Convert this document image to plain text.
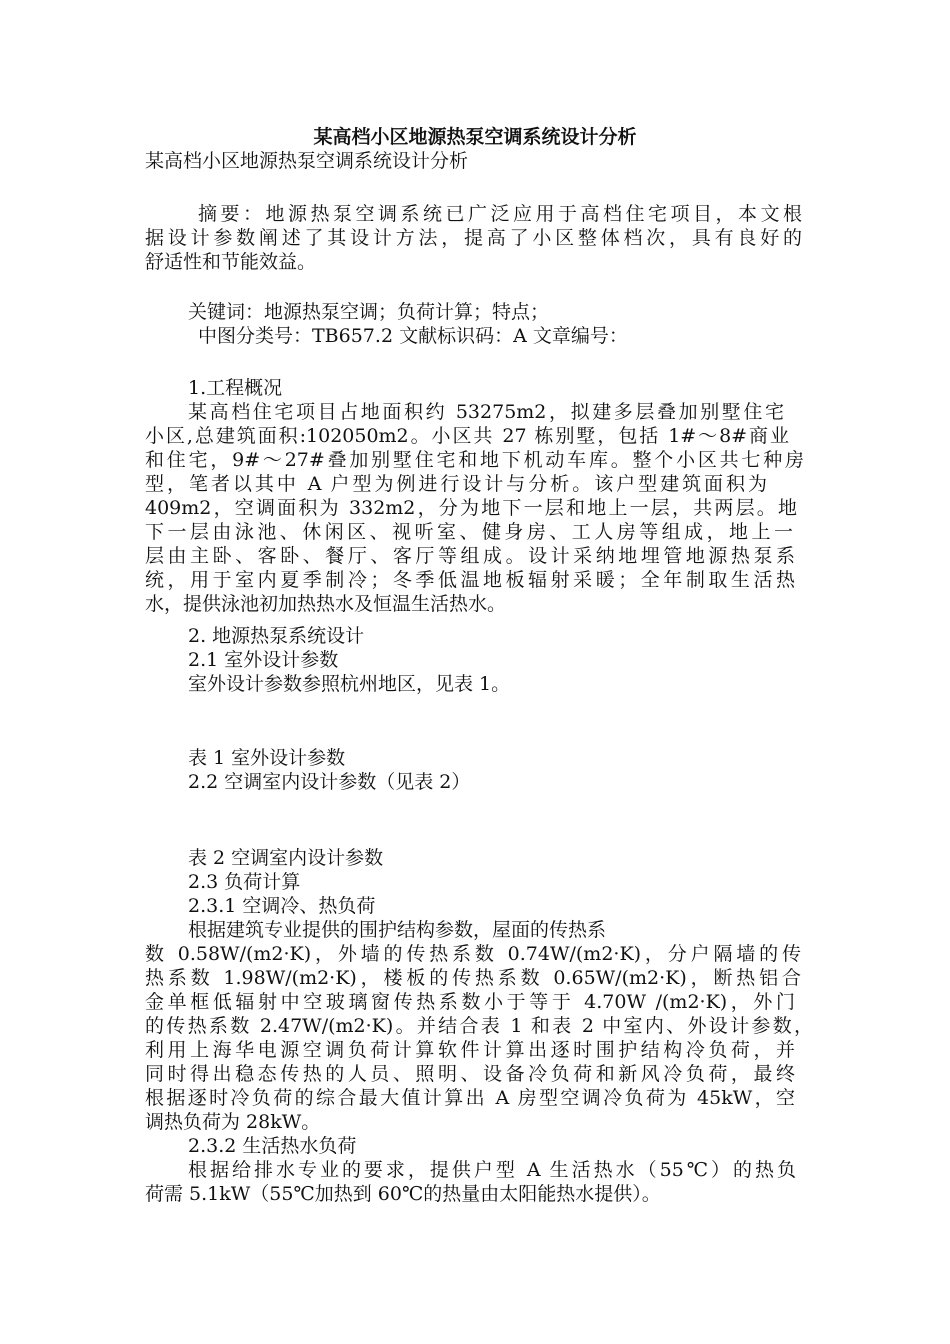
某高档小区地源热泵空调系统设计分析
某高档小区地源热泵空调系统设计分析
摘要：地源热泵空调系统已广泛应用于高档住宅项目，本文根
据设计参数阐述了其设计方法，提高了小区整体档次，具有良好的
舒适性和节能效益。
关键词：地源热泵空调；负荷计算；特点；
中图分类号：TB657.2 文献标识码：A 文章编号：
1.工程概况
某高档住宅项目占地面积约 53275m2，拟建多层叠加别墅住宅
小区,总建筑面积:102050m2。小区共 27 栋别墅，包括 1#～8#商业
和住宅，9#～27#叠加别墅住宅和地下机动车库。整个小区共七种房
型，笔者以其中 A 户型为例进行设计与分析。该户型建筑面积为
409m2，空调面积为 332m2，分为地下一层和地上一层，共两层。地
下一层由泳池、休闲区、视听室、健身房、工人房等组成，地上一
层由主卧、客卧、餐厅、客厅等组成。设计采纳地埋管地源热泵系
统，用于室内夏季制冷；冬季低温地板辐射采暖；全年制取生活热
水，提供泳池初加热热水及恒温生活热水。
2. 地源热泵系统设计
2.1 室外设计参数
室外设计参数参照杭州地区，见表 1。
表 1 室外设计参数
2.2 空调室内设计参数（见表 2）
表 2 空调室内设计参数
2.3 负荷计算
2.3.1 空调冷、热负荷
根据建筑专业提供的围护结构参数，屋面的传热系
数 0.58W/(m2·K)，外墙的传热系数 0.74W/(m2·K)，分户隔墙的传
热系数 1.98W/(m2·K)，楼板的传热系数 0.65W/(m2·K)，断热铝合
金单框低辐射中空玻璃窗传热系数小于等于 4.70W /(m2·K)，外门
的传热系数 2.47W/(m2·K)。并结合表 1 和表 2 中室内、外设计参数，
利用上海华电源空调负荷计算软件计算出逐时围护结构冷负荷，并
同时得出稳态传热的人员、照明、设备冷负荷和新风冷负荷，最终
根据逐时冷负荷的综合最大值计算出 A 房型空调冷负荷为 45kW，空
调热负荷为 28kW。
2.3.2 生活热水负荷
根据给排水专业的要求，提供户型 A 生活热水（55℃）的热负
荷需 5.1kW（55℃加热到 60℃的热量由太阳能热水提供）。
